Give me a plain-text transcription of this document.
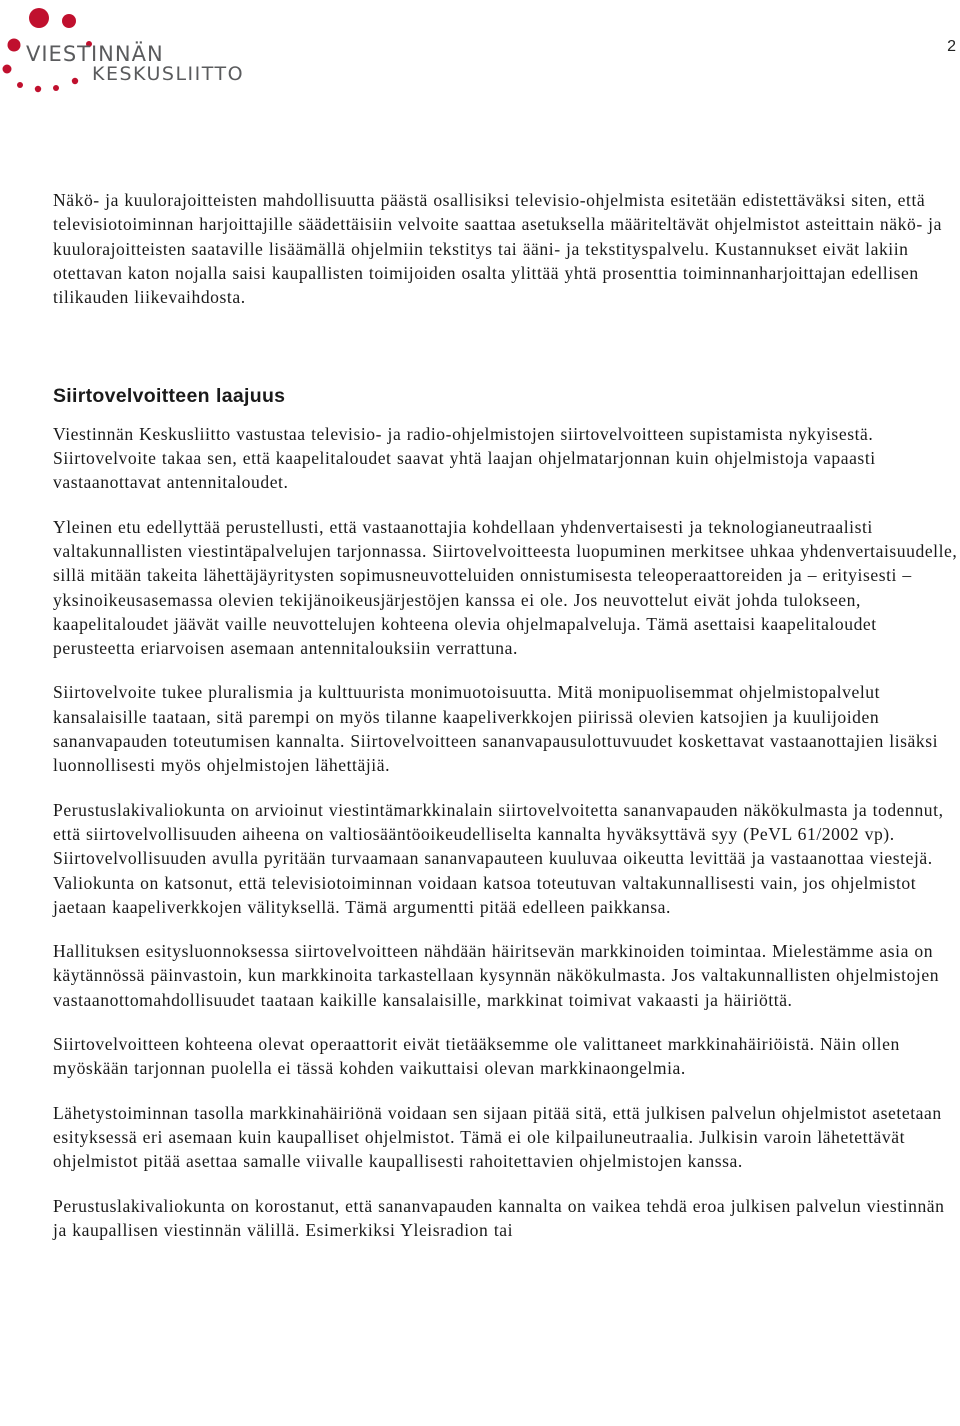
VIESTINNÄN
KESKUSLIITTO
2

Näkö- ja kuulorajoitteisten mahdollisuutta päästä osallisiksi televisio-ohjelmista esitetään edistettäväksi siten, että televisiotoiminnan harjoittajille säädettäisiin velvoite saattaa asetuksella määriteltävät ohjelmistot asteittain näkö- ja kuulorajoitteisten saataville lisäämällä ohjelmiin tekstitys tai ääni- ja tekstityspalvelu. Kustannukset eivät lakiin otettavan katon nojalla saisi kaupallisten toimijoiden osalta ylittää yhtä prosenttia toiminnanharjoittajan edellisen tilikauden liikevaihdosta.

Siirtovelvoitteen laajuus

Viestinnän Keskusliitto vastustaa televisio- ja radio-ohjelmistojen siirtovelvoitteen supistamista nykyisestä. Siirtovelvoite takaa sen, että kaapelitaloudet saavat yhtä laajan ohjelmatarjonnan kuin ohjelmistoja vapaasti vastaanottavat antennitaloudet.

Yleinen etu edellyttää perustellusti, että vastaanottajia kohdellaan yhdenvertaisesti ja teknologianeutraalisti valtakunnallisten viestintäpalvelujen tarjonnassa. Siirtovelvoitteesta luopuminen merkitsee uhkaa yhdenvertaisuudelle, sillä mitään takeita lähettäjäyritysten sopimusneuvotteluiden onnistumisesta teleoperaattoreiden ja – erityisesti – yksinoikeusasemassa olevien tekijänoikeusjärjestöjen kanssa ei ole. Jos neuvottelut eivät johda tulokseen, kaapelitaloudet jäävät vaille neuvottelujen kohteena olevia ohjelmapalveluja. Tämä asettaisi kaapelitaloudet perusteetta eriarvoisen asemaan antennitalouksiin verrattuna.

Siirtovelvoite tukee pluralismia ja kulttuurista monimuotoisuutta. Mitä monipuolisemmat ohjelmistopalvelut kansalaisille taataan, sitä parempi on myös tilanne kaapeliverkkojen piirissä olevien katsojien ja kuulijoiden sananvapauden toteutumisen kannalta. Siirtovelvoitteen sananvapausulottuvuudet koskettavat vastaanottajien lisäksi luonnollisesti myös ohjelmistojen lähettäjiä.

Perustuslakivaliokunta on arvioinut viestintämarkkinalain siirtovelvoitetta sananvapauden näkökulmasta ja todennut, että siirtovelvollisuuden aiheena on valtiosääntöoikeudelliselta kannalta hyväksyttävä syy (PeVL 61/2002 vp). Siirtovelvollisuuden avulla pyritään turvaamaan sananvapauteen kuuluvaa oikeutta levittää ja vastaanottaa viestejä. Valiokunta on katsonut, että televisiotoiminnan voidaan katsoa toteutuvan valtakunnallisesti vain, jos ohjelmistot jaetaan kaapeliverkkojen välityksellä. Tämä argumentti pitää edelleen paikkansa.

Hallituksen esitysluonnoksessa siirtovelvoitteen nähdään häiritsevän markkinoiden toimintaa. Mielestämme asia on käytännössä päinvastoin, kun markkinoita tarkastellaan kysynnän näkökulmasta. Jos valtakunnallisten ohjelmistojen vastaanottomahdollisuudet taataan kaikille kansalaisille, markkinat toimivat vakaasti ja häiriöttä.

Siirtovelvoitteen kohteena olevat operaattorit eivät tietääksemme ole valittaneet markkinahäiriöistä. Näin ollen myöskään tarjonnan puolella ei tässä kohden vaikuttaisi olevan markkinaongelmia.

Lähetystoiminnan tasolla markkinahäiriönä voidaan sen sijaan pitää sitä, että julkisen palvelun ohjelmistot asetetaan esityksessä eri asemaan kuin kaupalliset ohjelmistot. Tämä ei ole kilpailuneutraalia. Julkisin varoin lähetettävät ohjelmistot pitää asettaa samalle viivalle kaupallisesti rahoitettavien ohjelmistojen kanssa.

Perustuslakivaliokunta on korostanut, että sananvapauden kannalta on vaikea tehdä eroa julkisen palvelun viestinnän ja kaupallisen viestinnän välillä. Esimerkiksi Yleisradion tai
